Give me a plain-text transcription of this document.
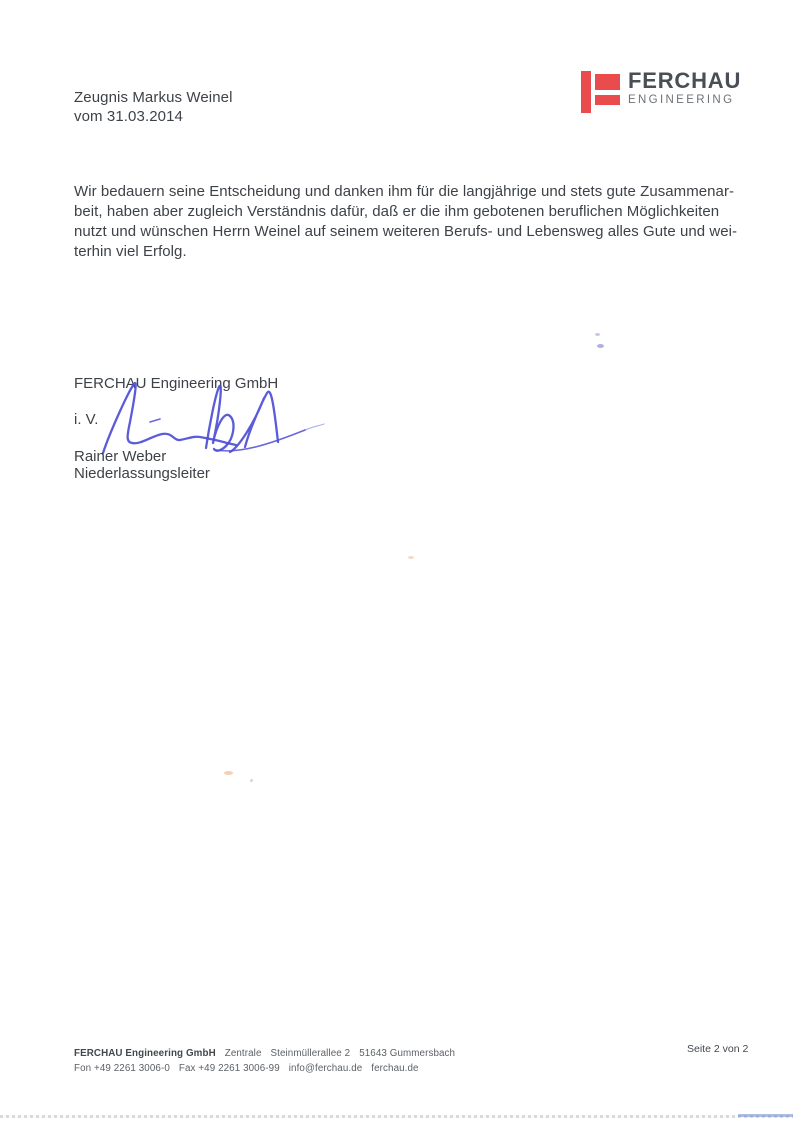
Zeugnis Markus Weinel
vom 31.03.2014
FERCHAU
ENGINEERING
Wir bedauern seine Entscheidung und danken ihm für die langjährige und stets gute Zusammenar-
beit, haben aber zugleich Verständnis dafür, daß er die ihm gebotenen beruflichen Möglichkeiten
nutzt und wünschen Herrn Weinel auf seinem weiteren Berufs- und Lebensweg alles Gute und wei-
terhin viel Erfolg.
FERCHAU Engineering GmbH
i. V.
Rainer Weber
Niederlassungsleiter
FERCHAU Engineering GmbH Zentrale Steinmüllerallee 2 51643 Gummersbach
Fon +49 2261 3006-0 Fax +49 2261 3006-99 info@ferchau.de ferchau.de
Seite 2 von 2
